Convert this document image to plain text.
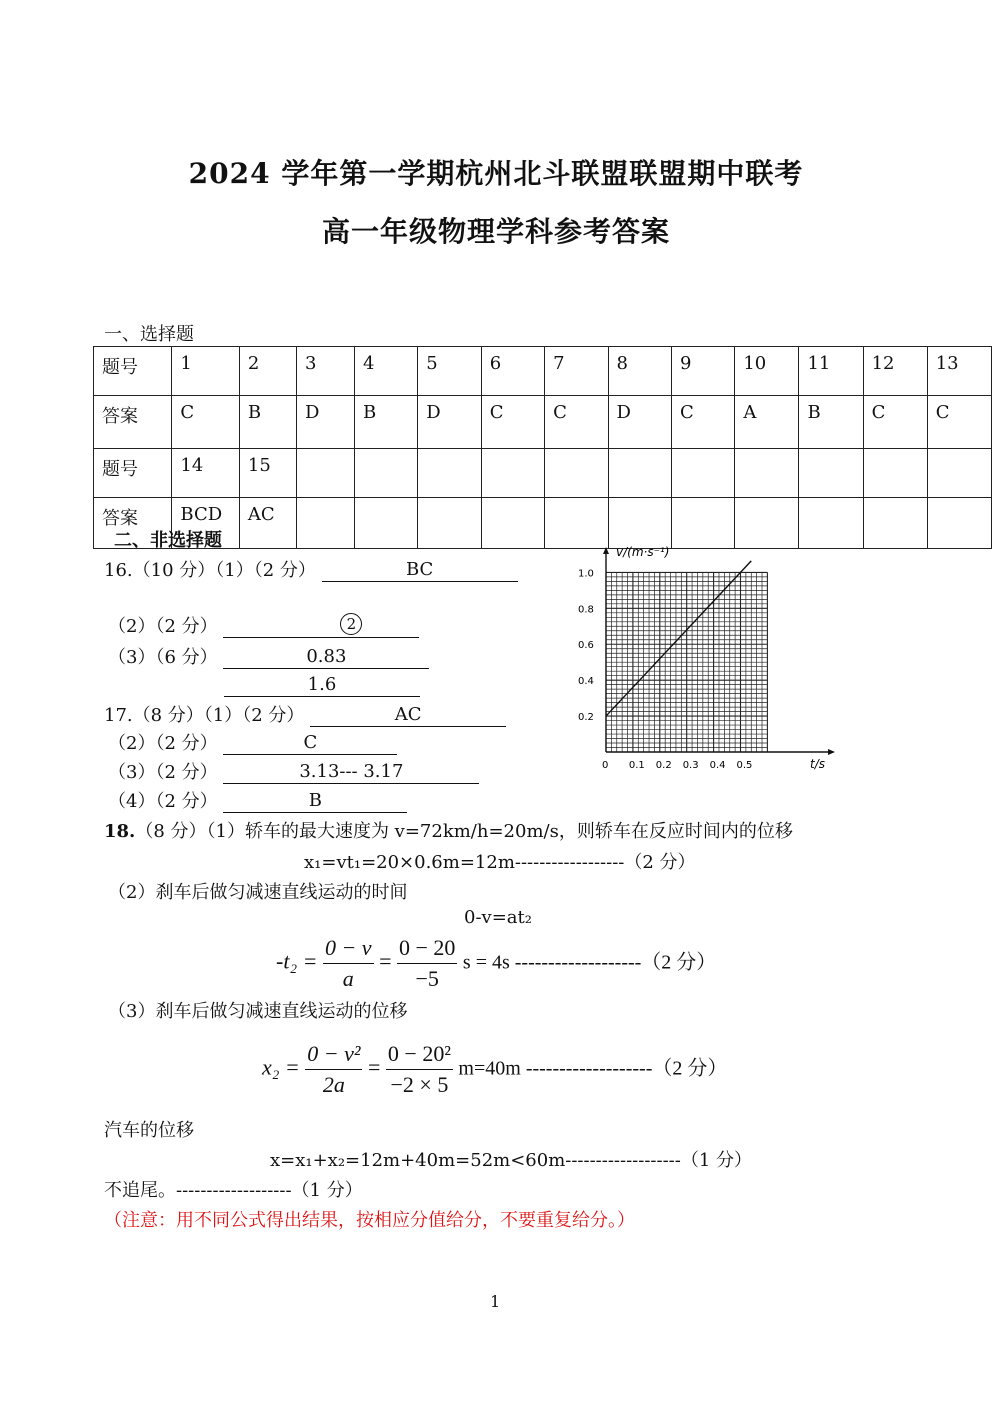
2024 学年第一学期杭州北斗联盟联盟期中联考
高一年级物理学科参考答案
一、选择题
题号	1	2	3	4	5	6	7	8	9	10	11	12	13
答案	C	B	D	B	D	C	C	D	C	A	B	C	C
题号	14	15											
答案	BCD	AC											
二、非选择题
16.（10 分）（1）（2 分）	BC
（2）（2 分）	2
（3）（6 分）	0.83
1.6
17.（8 分）（1）（2 分）	AC
（2）（2 分）	C
（3）（2 分）	3.13--- 3.17
（4）（2 分）	B
0 0.1 0.2 0.3 0.4 0.5
0.2
0.4
0.6
0.8
1.0
v/(m·s⁻¹)
t/s
18.（8 分）（1）轿车的最大速度为 v=72km/h=20m/s，则轿车在反应时间内的位移
x₁=vt₁=20×0.6m=12m------------------（2 分）
（2）刹车后做匀减速直线运动的时间
0-v=at₂
$-t_2 = \frac{0 - v}{a} = \frac{0 - 20}{-5}$ s = 4s -------------------（2 分）
（3）刹车后做匀减速直线运动的位移
$x_2 = \frac{\text{0 − v²}}{2a} = \frac{\text{0 − 20²}}{-2 \times 5} m=40m$ -------------------（2 分）
汽车的位移
x=x₁+x₂=12m+40m=52m<60m-------------------（1 分）
不追尾。-------------------（1 分）
（注意：用不同公式得出结果，按相应分值给分，不要重复给分。）
1
